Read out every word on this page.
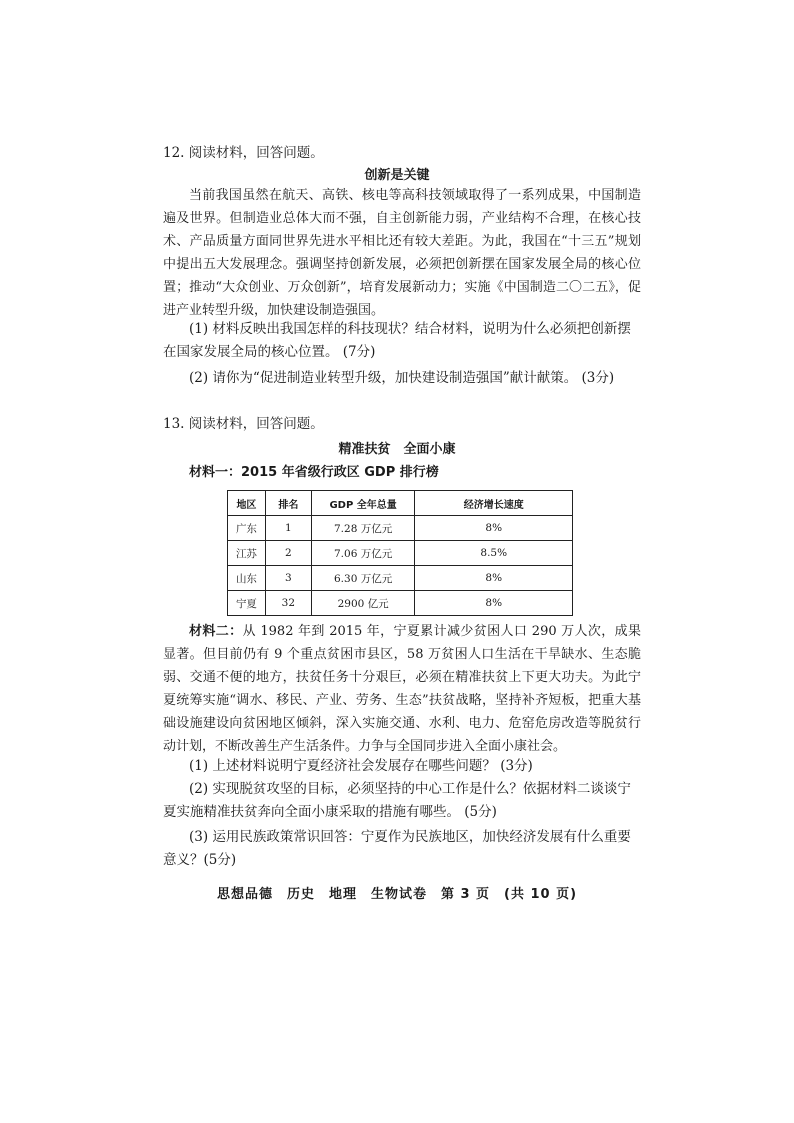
12. 阅读材料，回答问题。

创新是关键

当前我国虽然在航天、高铁、核电等高科技领域取得了一系列成果，中国制造遍及世界。但制造业总体大而不强，自主创新能力弱，产业结构不合理，在核心技术、产品质量方面同世界先进水平相比还有较大差距。为此，我国在“十三五”规划中提出五大发展理念。强调坚持创新发展，必须把创新摆在国家发展全局的核心位置；推动“大众创业、万众创新”，培育发展新动力；实施《中国制造二〇二五》，促进产业转型升级，加快建设制造强国。

(1) 材料反映出我国怎样的科技现状？结合材料，说明为什么必须把创新摆在国家发展全局的核心位置。 (7分)

(2) 请你为“促进制造业转型升级，加快建设制造强国”献计献策。 (3分)

13. 阅读材料，回答问题。

精准扶贫　全面小康

材料一：2015 年省级行政区 GDP 排行榜

地区	排名	GDP 全年总量	经济增长速度
广东	1	7.28 万亿元	8%
江苏	2	7.06 万亿元	8.5%
山东	3	6.30 万亿元	8%
宁夏	32	2900 亿元	8%

材料二：从 1982 年到 2015 年，宁夏累计减少贫困人口 290 万人次，成果显著。但目前仍有 9 个重点贫困市县区，58 万贫困人口生活在干旱缺水、生态脆弱、交通不便的地方，扶贫任务十分艰巨，必须在精准扶贫上下更大功夫。为此宁夏统筹实施“调水、移民、产业、劳务、生态”扶贫战略，坚持补齐短板，把重大基础设施建设向贫困地区倾斜，深入实施交通、水利、电力、危窑危房改造等脱贫行动计划，不断改善生产生活条件。力争与全国同步进入全面小康社会。

(1) 上述材料说明宁夏经济社会发展存在哪些问题？ (3分)

(2) 实现脱贫攻坚的目标，必须坚持的中心工作是什么？依据材料二谈谈宁夏实施精准扶贫奔向全面小康采取的措施有哪些。 (5分)

(3) 运用民族政策常识回答：宁夏作为民族地区，加快经济发展有什么重要意义？(5分)

思想品德　历史　地理　生物试卷　第 3 页　(共 10 页)
